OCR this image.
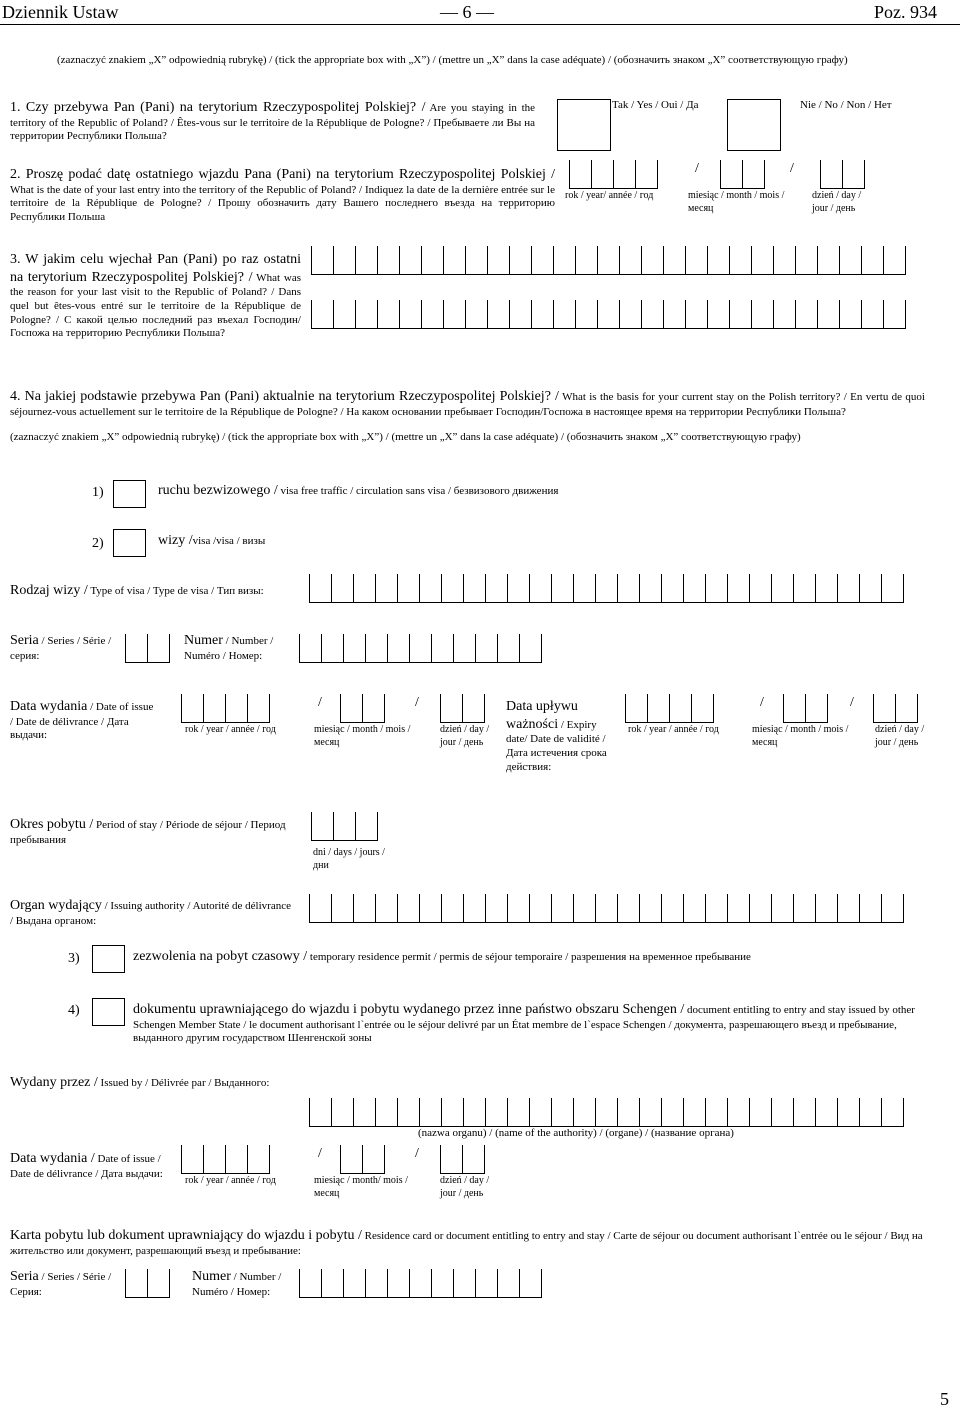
Dziennik Ustaw	— 6 —	Poz. 934
(zaznaczyć znakiem „X” odpowiednią rubrykę) / (tick the appropriate box with „X”) / (mettre un „X” dans la case adéquate) / (обозначить знаком „X” соответствующую графу)
1. Czy przebywa Pan (Pani) na terytorium Rzeczypospolitej Polskiej? / Are you staying in the territory of the Republic of Poland? / Êtes-vous sur le territoire de la République de Pologne? / Пребываете ли Вы на территории Республики Польша?
Tak / Yes / Oui / Да	Nie / No / Non / Нет
2. Proszę podać datę ostatniego wjazdu Pana (Pani) na terytorium Rzeczypospolitej Polskiej / What is the date of your last entry into the territory of the Republic of Poland? / Indiquez la date de la dernière entrée sur le territoire de la République de Pologne? / Прошу обозначить дату Вашего последнего въезда на территорию Республики Польша
/	/
rok / year/ année / год	miesiąc / month / mois / месяц
dzień / day / jour / день
3. W jakim celu wjechał Pan (Pani) po raz ostatni na terytorium Rzeczypospolitej Polskiej? / What was the reason for your last visit to the Republic of Poland? / Dans quel but êtes-vous entré sur le territoire de la République de Pologne? / С какой целью последний раз въехал Господин/Госпожа на территорию Республики Польша?
4. Na jakiej podstawie przebywa Pan (Pani) aktualnie na terytorium Rzeczypospolitej Polskiej? / What is the basis for your current stay on the Polish territory? / En vertu de quoi séjournez-vous actuellement sur le territoire de la République de Pologne? / На каком основании пребывает Господин/Госпожа в настоящее время на территории Республики Польша?
(zaznaczyć znakiem „X” odpowiednią rubrykę) / (tick the appropriate box with „X”) / (mettre un „X” dans la case adéquate) / (обозначить знаком „X” соответствующую графу)
1)	ruchu bezwizowego / visa free traffic / circulation sans visa / безвизового движения
2)	wizy /visa /visa / визы
Rodzaj wizy / Type of visa / Type de visa / Тип визы:
Seria / Series / Série / серия:
Numer / Number / Numéro / Номер:
Data wydania / Date of issue / Date de délivrance / Дата выдачи:
/	/
rok / year / année / год	miesiąc / month / mois / месяц
dzień / day / jour / день
Data upływu ważności / Expiry date/ Date de validité / Дата истечения срока действия:
/	/
rok / year / année / год	miesiąc / month / mois / месяц
dzień / day / jour / день
Okres pobytu / Period of stay / Période de séjour / Период пребывания
dni / days / jours / дни
Organ wydający / Issuing authority / Autorité de délivrance / Выдана органом:
3)	zezwolenia na pobyt czasowy / temporary residence permit / permis de séjour temporaire / разрешения на временное пребывание
4)	dokumentu uprawniającego do wjazdu i pobytu wydanego przez inne państwo obszaru Schengen / document entitling to entry and stay issued by other Schengen Member State / le document authorisant l`entrée ou le séjour delivré par un État membre de l`espace Schengen / документа, разрешающего въезд и пребывание, выданного другим государством Шенгенской зоны
Wydany przez / Issued by / Délivrée par / Выданного:
(nazwa organu) / (name of the authority) / (organe) / (название органа)
Data wydania / Date of issue / Date de délivrance / Дата выдачи:
/	/
rok / year / année / год	miesiąc / month/ mois / месяц
dzień / day / jour / день
Karta pobytu lub dokument uprawniający do wjazdu i pobytu / Residence card or document entitling to entry and stay / Carte de séjour ou document authorisant l`entrée ou le séjour / Вид на жительство или документ, разрешающий въезд и пребывание:
Seria / Series / Série / Серия:
Numer / Number / Numéro / Номер:
5
